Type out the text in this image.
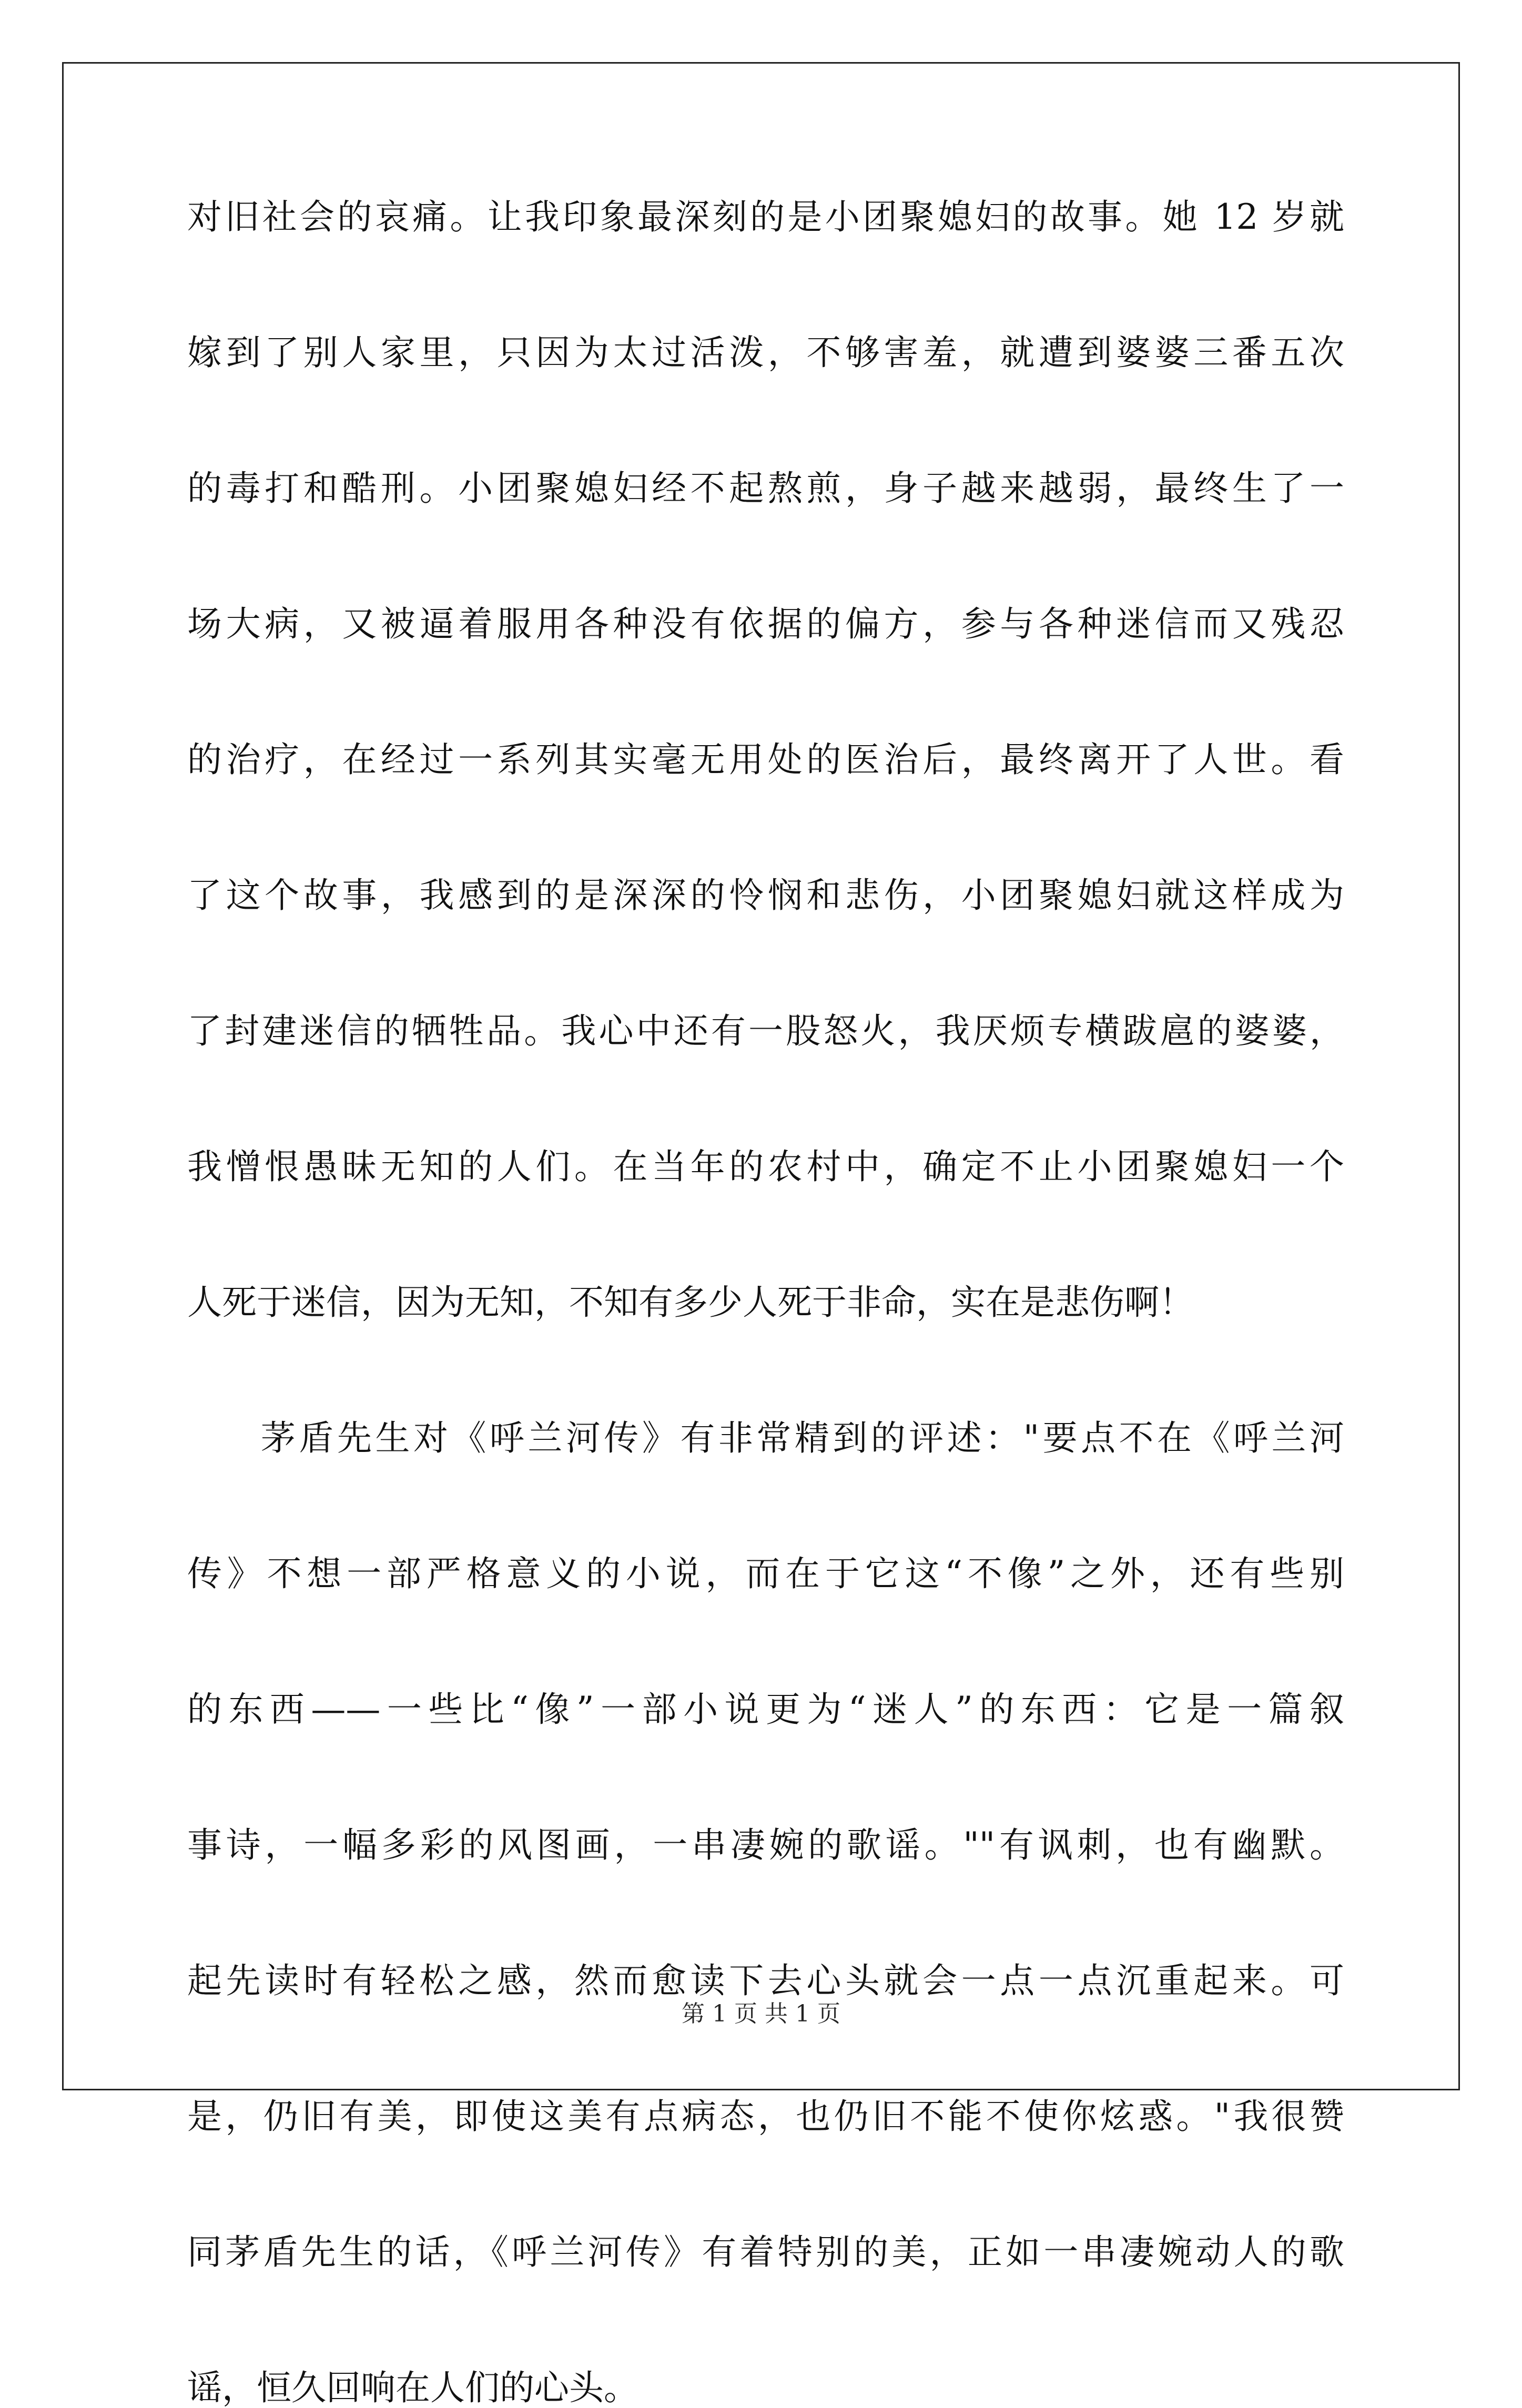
对旧社会的哀痛。让我印象最深刻的是小团聚媳妇的故事。她 12 岁就
嫁到了别人家里，只因为太过活泼，不够害羞，就遭到婆婆三番五次
的毒打和酷刑。小团聚媳妇经不起熬煎，身子越来越弱，最终生了一
场大病，又被逼着服用各种没有依据的偏方，参与各种迷信而又残忍
的治疗，在经过一系列其实毫无用处的医治后，最终离开了人世。看
了这个故事，我感到的是深深的怜悯和悲伤，小团聚媳妇就这样成为
了封建迷信的牺牲品。我心中还有一股怒火，我厌烦专横跋扈的婆婆，
我憎恨愚昧无知的人们。在当年的农村中，确定不止小团聚媳妇一个
人死于迷信，因为无知，不知有多少人死于非命，实在是悲伤啊！
茅盾先生对《呼兰河传》有非常精到的评述："要点不在《呼兰河
传》不想一部严格意义的小说，而在于它这“不像”之外，还有些别
的东西——一些比“像”一部小说更为“迷人”的东西：它是一篇叙
事诗，一幅多彩的风图画，一串凄婉的歌谣。""有讽刺，也有幽默。
起先读时有轻松之感，然而愈读下去心头就会一点一点沉重起来。可
是，仍旧有美，即使这美有点病态，也仍旧不能不使你炫惑。"我很赞
同茅盾先生的话，《呼兰河传》有着特别的美，正如一串凄婉动人的歌
谣，恒久回响在人们的心头。
第 1 页 共 1 页
